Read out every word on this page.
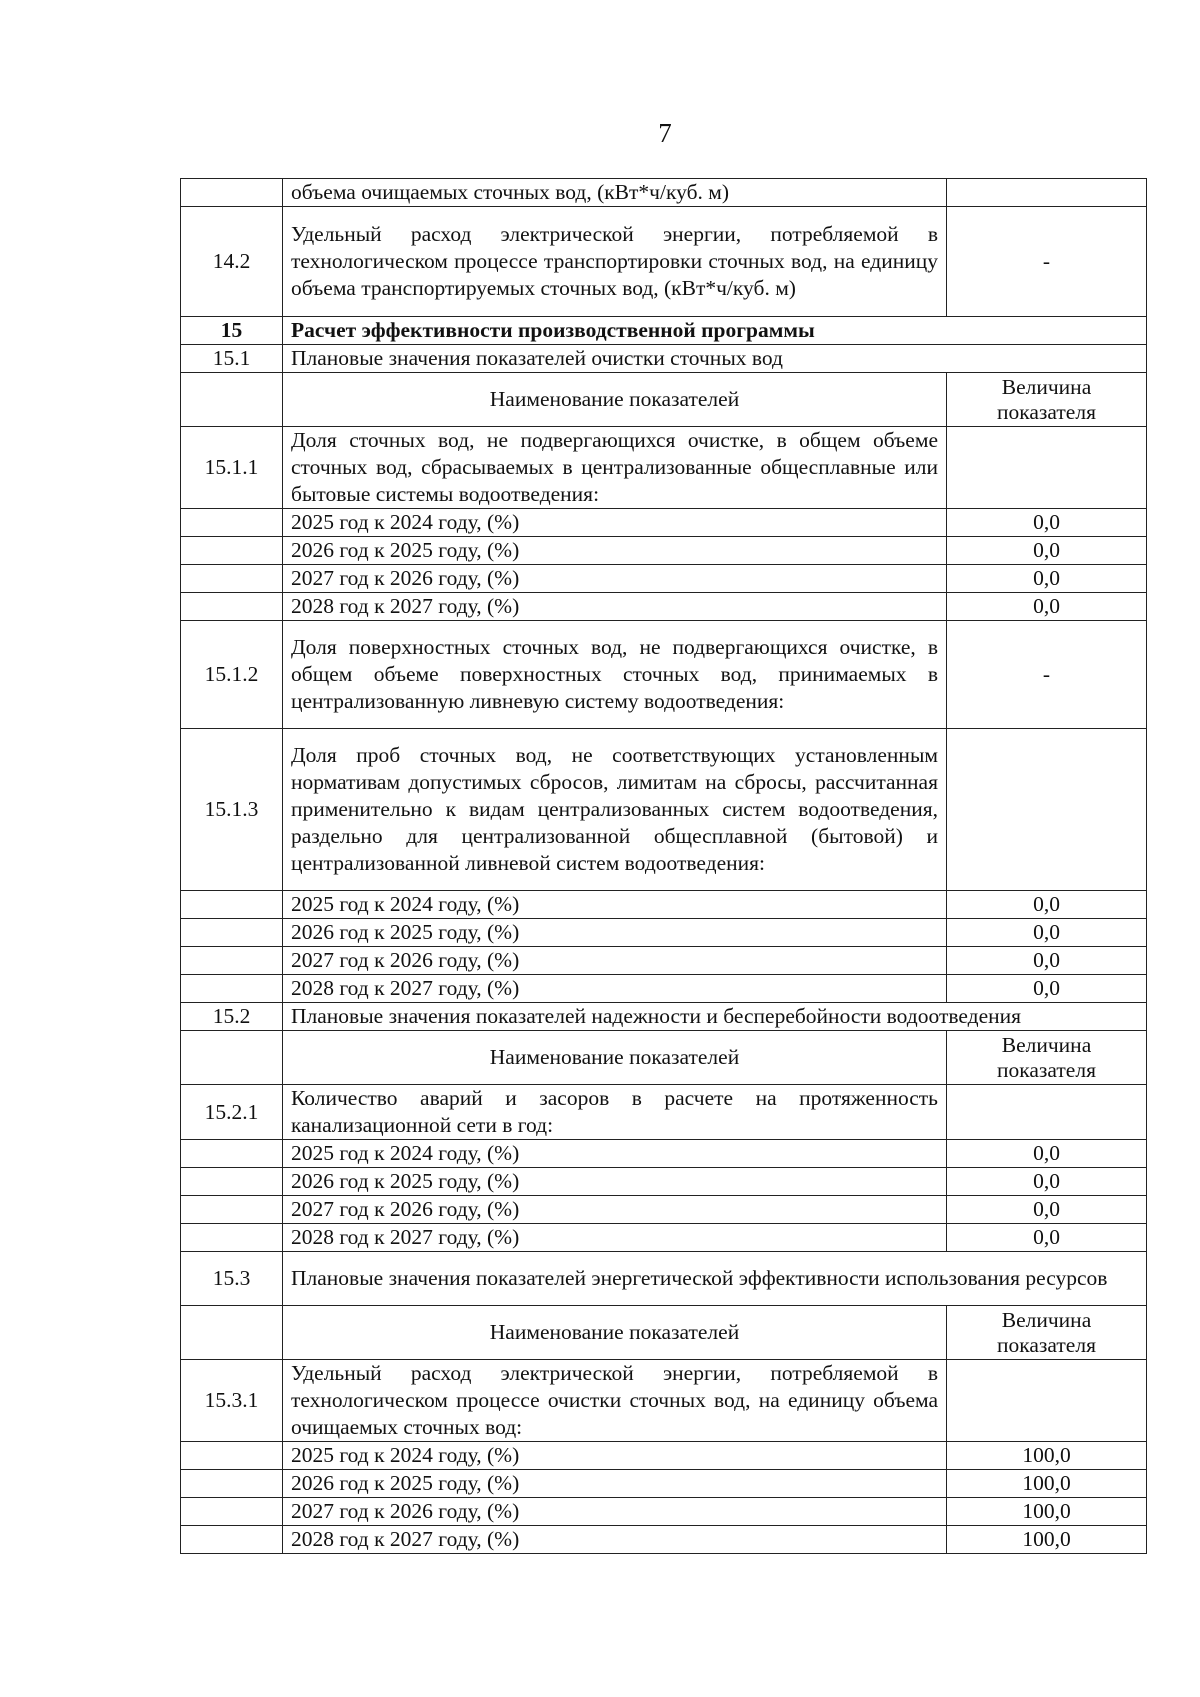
7
	объема очищаемых сточных вод, (кВт*ч/куб. м)	
14.2	Удельный расход электрической энергии, потребляемой в технологическом процессе транспортировки сточных вод, на единицу объема транспортируемых сточных вод, (кВт*ч/куб. м)	-
15	Расчет эффективности производственной программы	
15.1	Плановые значения показателей очистки сточных вод	
	Наименование показателей	Величина показателя
15.1.1	Доля сточных вод, не подвергающихся очистке, в общем объеме сточных вод, сбрасываемых в централизованные общесплавные или бытовые системы водоотведения:	
	2025 год к 2024 году, (%)	0,0
	2026 год к 2025 году, (%)	0,0
	2027 год к 2026 году, (%)	0,0
	2028 год к 2027 году, (%)	0,0
15.1.2	Доля поверхностных сточных вод, не подвергающихся очистке, в общем объеме поверхностных сточных вод, принимаемых в централизованную ливневую систему водоотведения:	-
15.1.3	Доля проб сточных вод, не соответствующих установленным нормативам допустимых сбросов, лимитам на сбросы, рассчитанная применительно к видам централизованных систем водоотведения, раздельно для централизованной общесплавной (бытовой) и централизованной ливневой систем водоотведения:	
	2025 год к 2024 году, (%)	0,0
	2026 год к 2025 году, (%)	0,0
	2027 год к 2026 году, (%)	0,0
	2028 год к 2027 году, (%)	0,0
15.2	Плановые значения показателей надежности и бесперебойности водоотведения	
	Наименование показателей	Величина показателя
15.2.1	Количество аварий и засоров в расчете на протяженность канализационной сети в год:	
	2025 год к 2024 году, (%)	0,0
	2026 год к 2025 году, (%)	0,0
	2027 год к 2026 году, (%)	0,0
	2028 год к 2027 году, (%)	0,0
15.3	Плановые значения показателей энергетической эффективности использования ресурсов	
	Наименование показателей	Величина показателя
15.3.1	Удельный расход электрической энергии, потребляемой в технологическом процессе очистки сточных вод, на единицу объема очищаемых сточных вод:	
	2025 год к 2024 году, (%)	100,0
	2026 год к 2025 году, (%)	100,0
	2027 год к 2026 году, (%)	100,0
	2028 год к 2027 году, (%)	100,0
